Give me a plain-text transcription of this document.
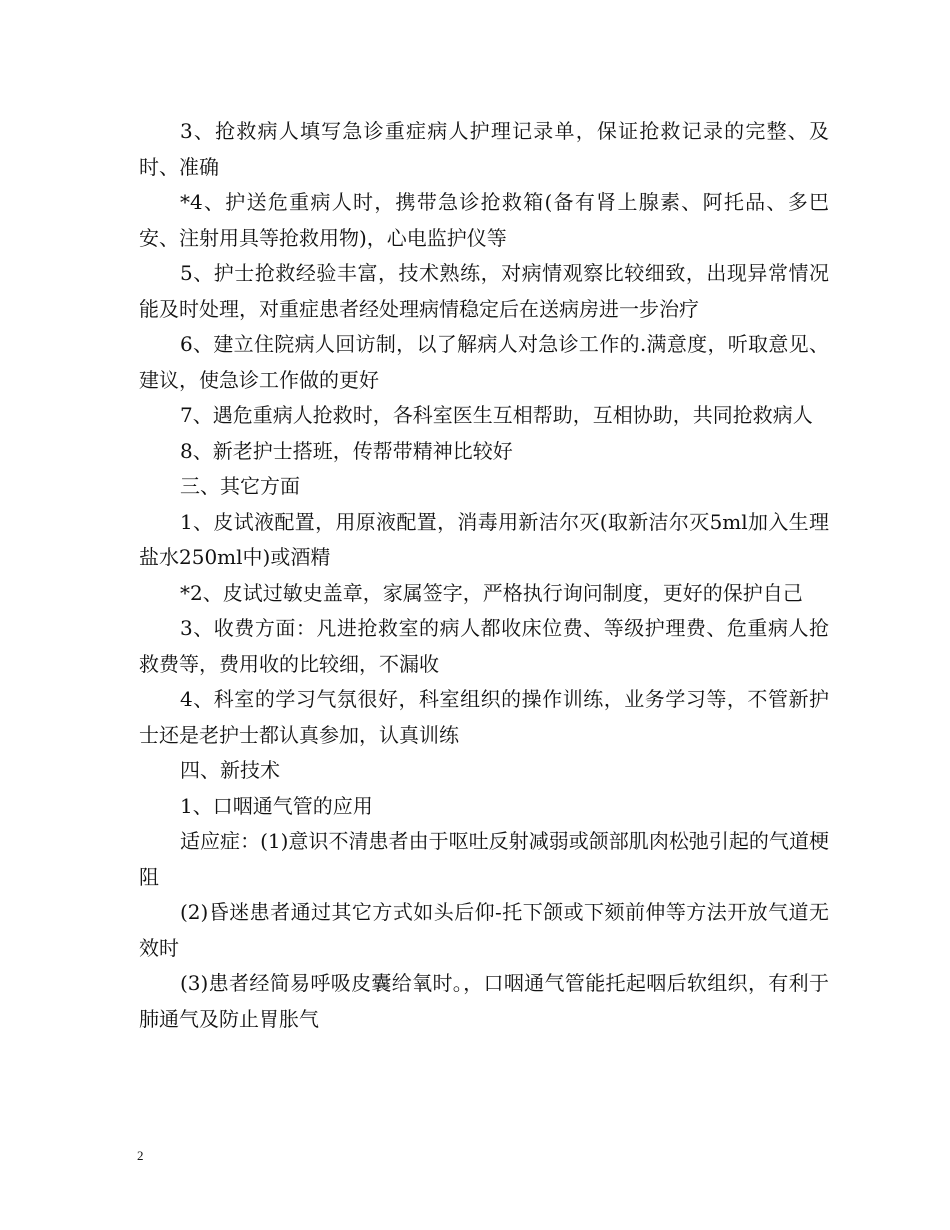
3、抢救病人填写急诊重症病人护理记录单，保证抢救记录的完整、及时、准确

*4、护送危重病人时，携带急诊抢救箱(备有肾上腺素、阿托品、多巴安、注射用具等抢救用物)，心电监护仪等

5、护士抢救经验丰富，技术熟练，对病情观察比较细致，出现异常情况能及时处理，对重症患者经处理病情稳定后在送病房进一步治疗

6、建立住院病人回访制，以了解病人对急诊工作的.满意度，听取意见、建议，使急诊工作做的更好

7、遇危重病人抢救时，各科室医生互相帮助，互相协助，共同抢救病人

8、新老护士搭班，传帮带精神比较好

三、其它方面

1、皮试液配置，用原液配置，消毒用新洁尔灭(取新洁尔灭5ml加入生理盐水250ml中)或酒精

*2、皮试过敏史盖章，家属签字，严格执行询问制度，更好的保护自己

3、收费方面：凡进抢救室的病人都收床位费、等级护理费、危重病人抢救费等，费用收的比较细，不漏收

4、科室的学习气氛很好，科室组织的操作训练，业务学习等，不管新护士还是老护士都认真参加，认真训练

四、新技术

1、口咽通气管的应用

适应症：(1)意识不清患者由于呕吐反射减弱或颌部肌肉松弛引起的气道梗阻

(2)昏迷患者通过其它方式如头后仰-托下颌或下颏前伸等方法开放气道无效时

(3)患者经简易呼吸皮囊给氧时。，口咽通气管能托起咽后软组织，有利于肺通气及防止胃胀气

2
